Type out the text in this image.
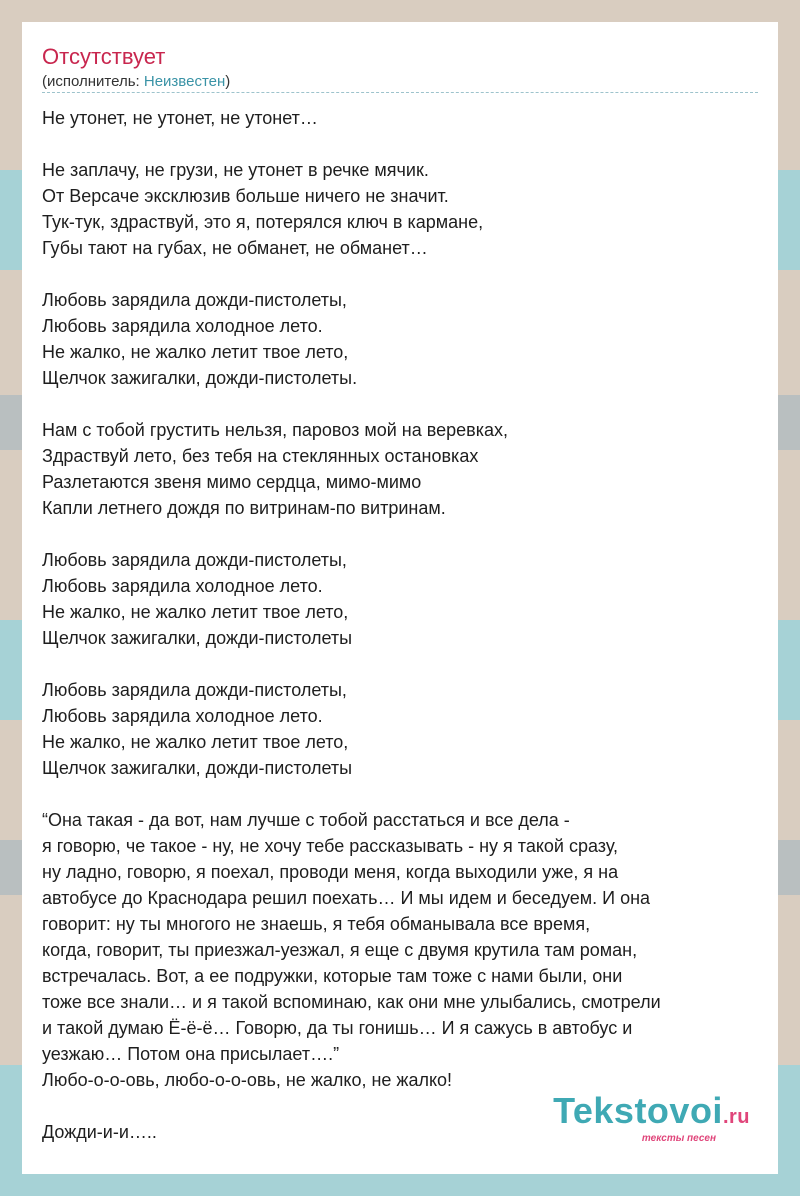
Отсутствует
(исполнитель: Неизвестен)
Не утонет, не утонет, не утонет…
Не заплачу, не грузи, не утонет в речке мячик.
От Версаче эксклюзив больше ничего не значит.
Тук-тук, здраствуй, это я, потерялся ключ в кармане,
Губы тают на губах, не обманет, не обманет…
Любовь зарядила дожди-пистолеты,
Любовь зарядила холодное лето.
Не жалко, не жалко летит твое лето,
Щелчок зажигалки, дожди-пистолеты.
Нам с тобой грустить нельзя, паровоз мой на веревках,
Здраствуй лето, без тебя на стеклянных остановках
Разлетаются звеня мимо сердца, мимо-мимо
Капли летнего дождя по витринам-по витринам.
Любовь зарядила дожди-пистолеты,
Любовь зарядила холодное лето.
Не жалко, не жалко летит твое лето,
Щелчок зажигалки, дожди-пистолеты
Любовь зарядила дожди-пистолеты,
Любовь зарядила холодное лето.
Не жалко, не жалко летит твое лето,
Щелчок зажигалки, дожди-пистолеты
“Она такая - да вот, нам лучше с тобой расстаться и все дела -
я говорю, че такое - ну, не хочу тебе рассказывать - ну я такой сразу,
ну ладно, говорю, я поехал, проводи меня, когда выходили уже, я на
автобусе до Краснодара решил поехать… И мы идем и беседуем. И она
говорит: ну ты многого не знаешь, я тебя обманывала все время,
когда, говорит, ты приезжал-уезжал, я еще с двумя крутила там роман,
встречалась. Вот, а ее подружки, которые там тоже с нами были, они
тоже все знали… и я такой вспоминаю, как они мне улыбались, смотрели
и такой думаю Ё-ё-ё… Говорю, да ты гонишь… И я сажусь в автобус и
уезжаю… Потом она присылает….”
Любо-о-о-овь, любо-о-о-овь, не жалко, не жалко!
Дожди-и-и…..
Tekstovoi.ru
тексты песен
